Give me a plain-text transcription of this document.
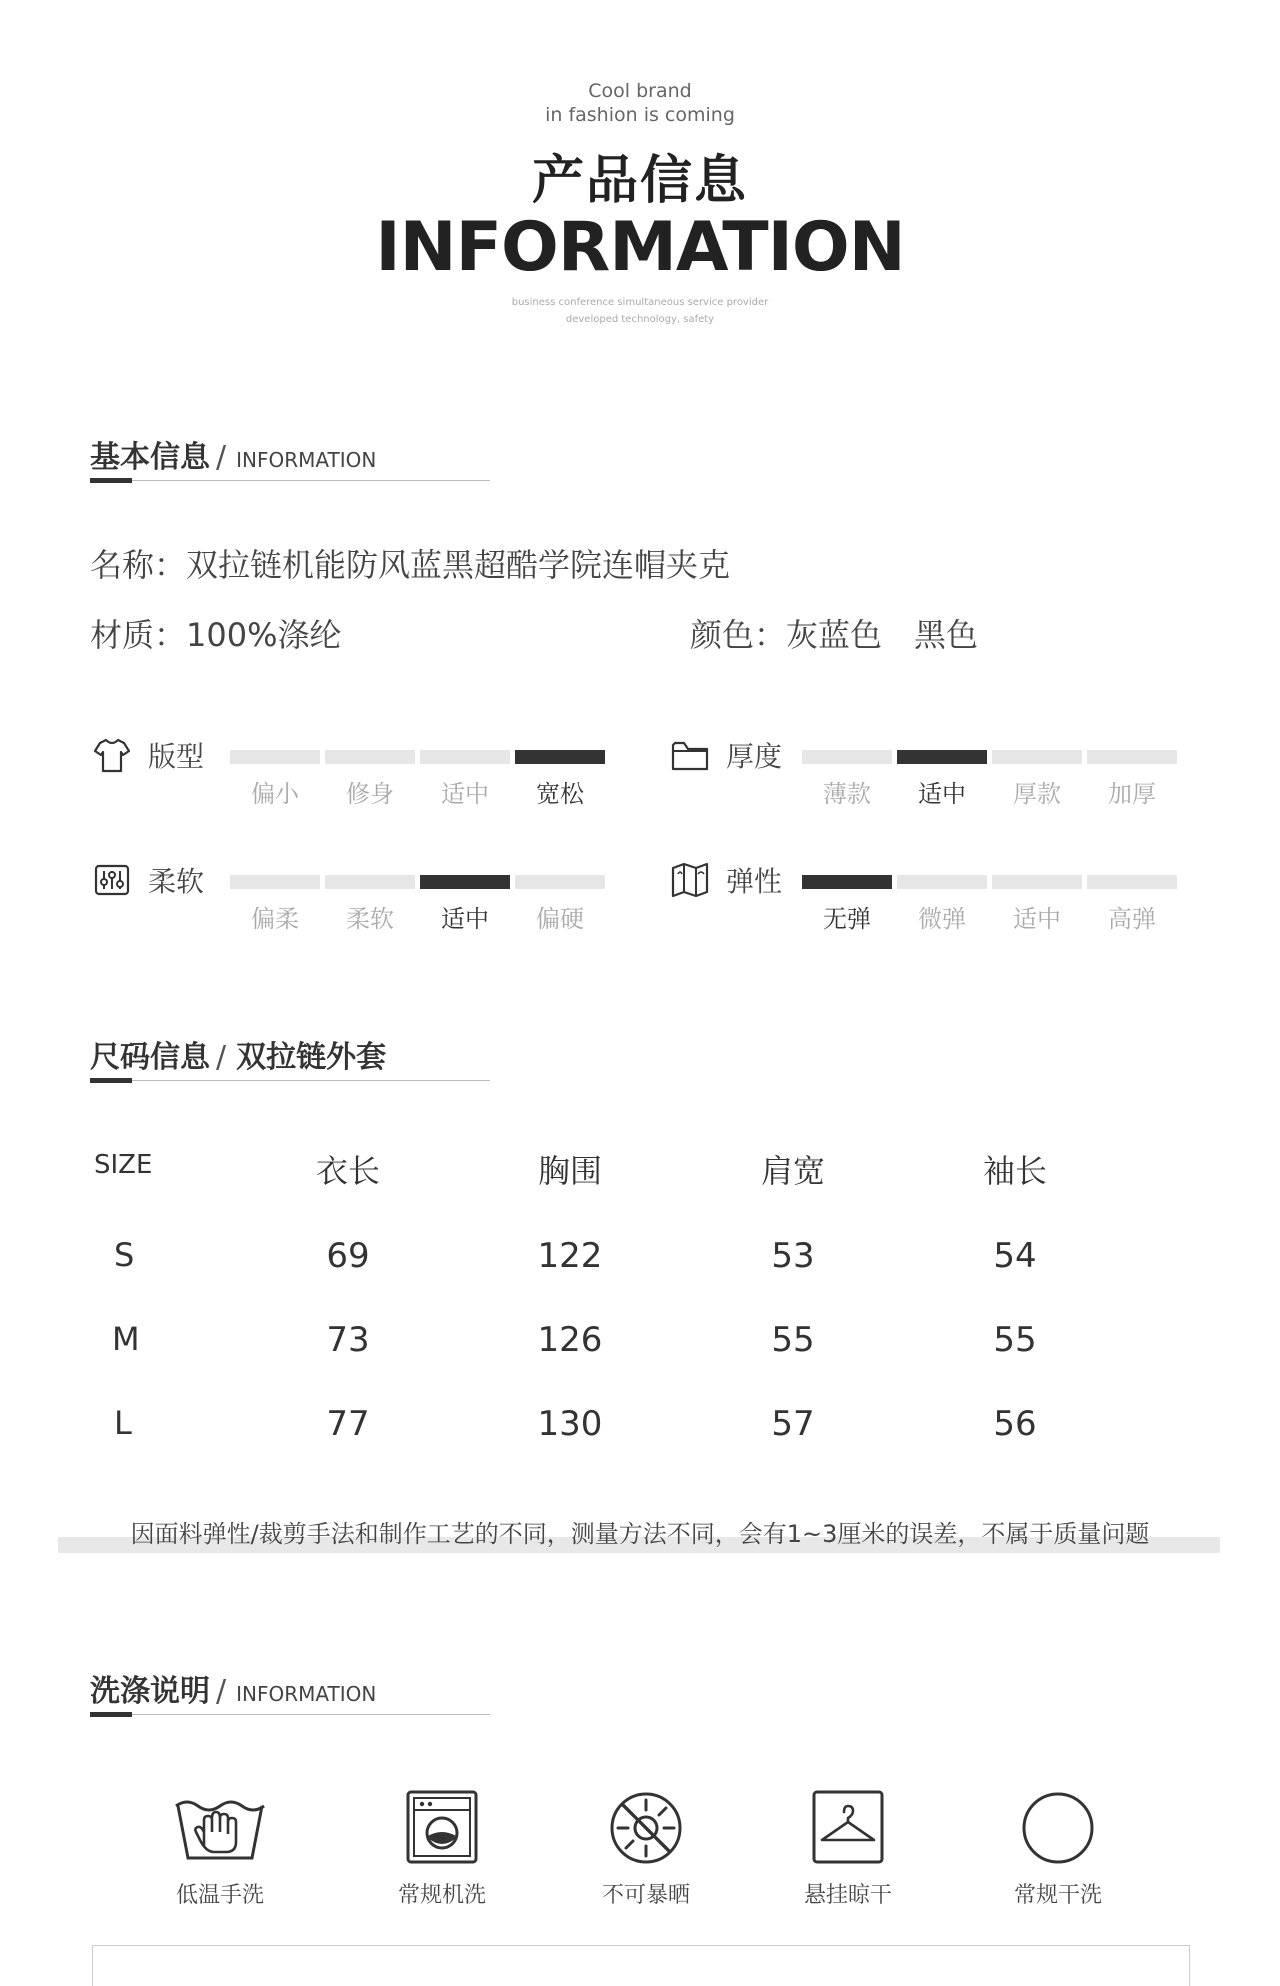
Cool brand
in fashion is coming
产品信息
INFORMATION
business conference simultaneous service provider
developed technology, safety
基本信息 / INFORMATION
名称：双拉链机能防风蓝黑超酷学院连帽夹克
材质：100%涤纶	颜色：灰蓝色　黑色
版型
偏小	修身	适中	宽松
厚度
薄款	适中	厚款	加厚
柔软
偏柔	柔软	适中	偏硬
弹性
无弹	微弹	适中	高弹
尺码信息 / 双拉链外套
SIZE	衣长	胸围	肩宽	袖长
S	69	122	53	54
M	73	126	55	55
L	77	130	57	56
因面料弹性/裁剪手法和制作工艺的不同，测量方法不同，会有1~3厘米的误差，不属于质量问题
洗涤说明 / INFORMATION
低温手洗	常规机洗	不可暴晒	悬挂晾干	常规干洗
